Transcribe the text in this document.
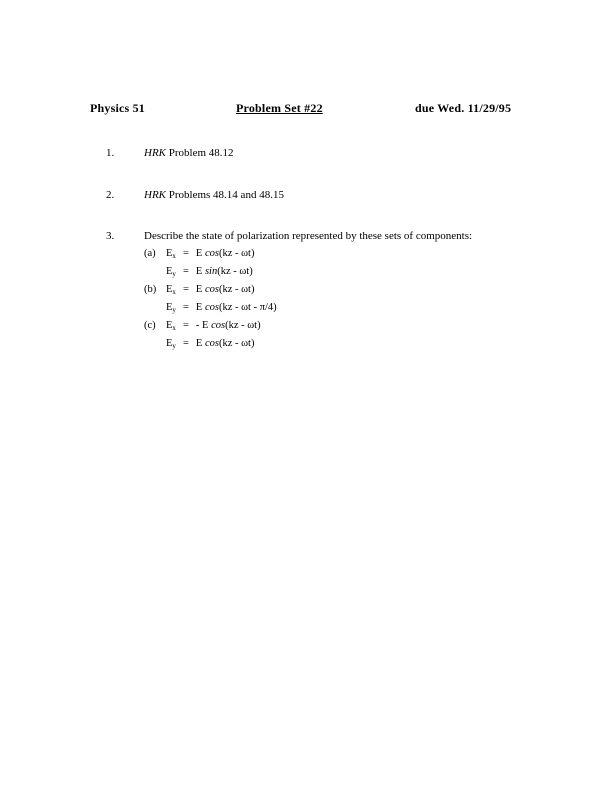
Physics 51	Problem Set #22	due Wed. 11/29/95
1.	HRK Problem 48.12
2.	HRK Problems 48.14 and 48.15
3.	Describe the state of polarization represented by these sets of components:
(a) $E_x = E$ cos(kz - ωt)
$E_y = E$ sin(kz - ωt)
(b) $E_x = E$ cos(kz - ωt)
$E_y = E$ cos(kz - ωt - π/4)
(c) $E_x$ = - E cos(kz - ωt)
$E_y = E$ cos(kz - ωt)
